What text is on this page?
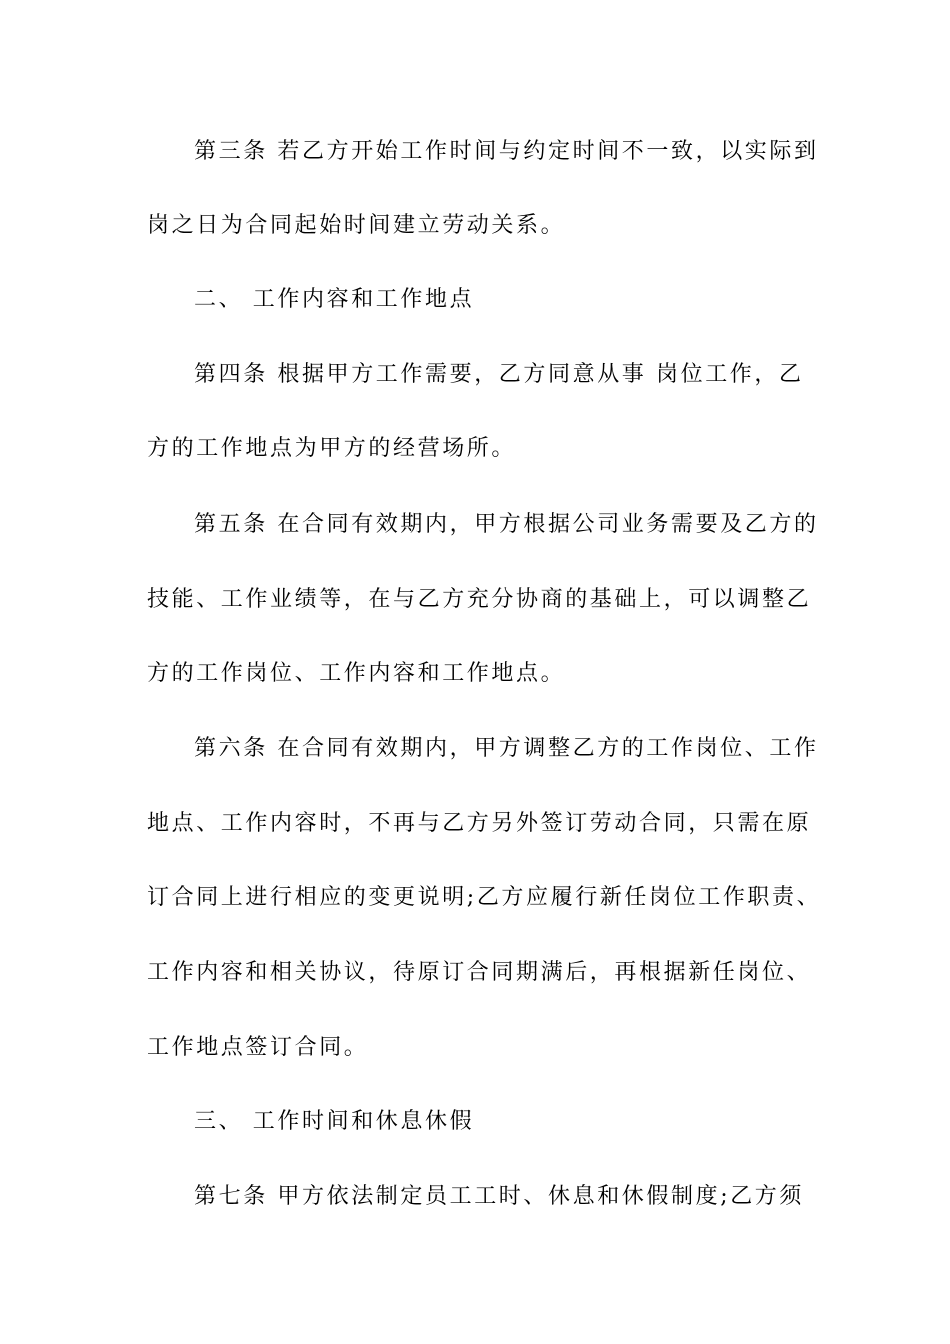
第三条 若乙方开始工作时间与约定时间不一致，以实际到
岗之日为合同起始时间建立劳动关系。
二、 工作内容和工作地点
第四条 根据甲方工作需要，乙方同意从事 岗位工作，乙
方的工作地点为甲方的经营场所。
第五条 在合同有效期内，甲方根据公司业务需要及乙方的
技能、工作业绩等，在与乙方充分协商的基础上，可以调整乙
方的工作岗位、工作内容和工作地点。
第六条 在合同有效期内，甲方调整乙方的工作岗位、工作
地点、工作内容时，不再与乙方另外签订劳动合同，只需在原
订合同上进行相应的变更说明;乙方应履行新任岗位工作职责、
工作内容和相关协议，待原订合同期满后，再根据新任岗位、
工作地点签订合同。
三、 工作时间和休息休假
第七条 甲方依法制定员工工时、休息和休假制度;乙方须
